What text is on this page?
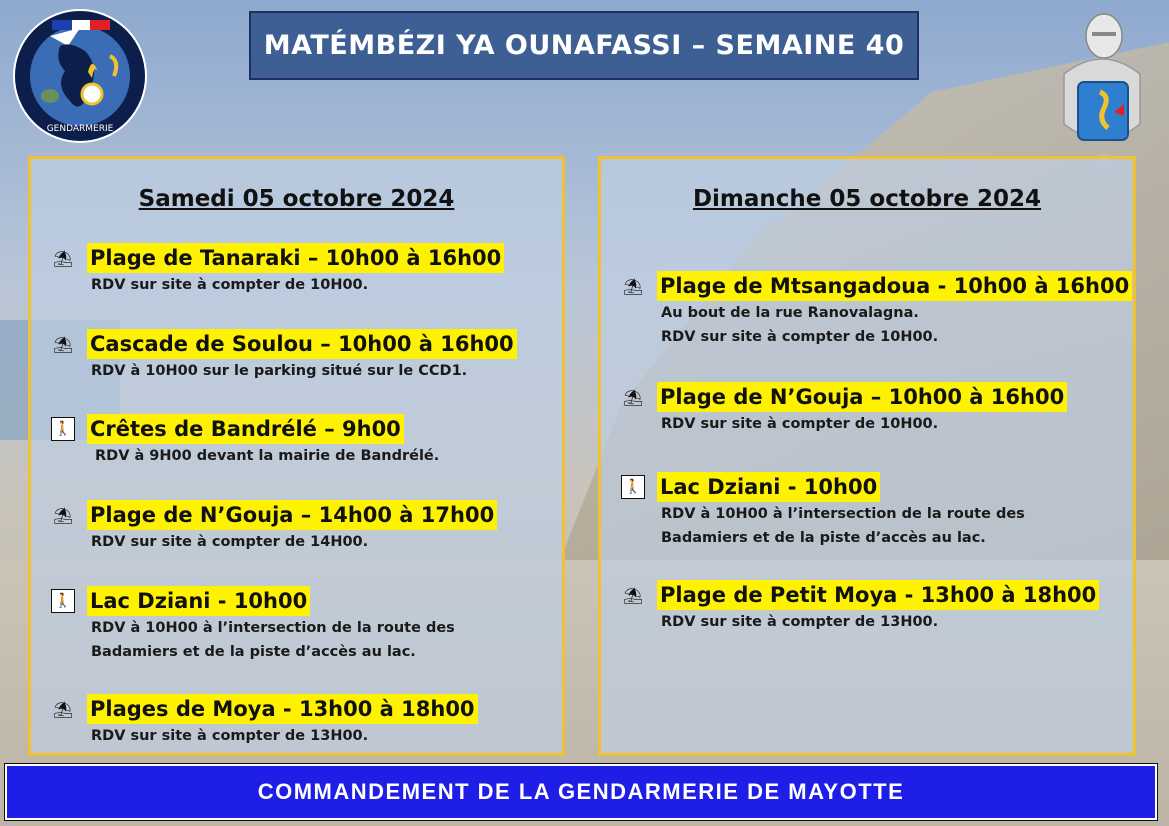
GENDARMERIE
MATÉMBÉZI YA OUNAFASSI – SEMAINE 40
Samedi 05 octobre 2024
⛱ Plage de Tanaraki – 10h00 à 16h00
RDV sur site à compter de 10H00.
⛱ Cascade de Soulou – 10h00 à 16h00
RDV à 10H00 sur le parking situé sur le CCD1.
🚶 Crêtes de Bandrélé – 9h00
RDV à 9H00 devant la mairie de Bandrélé.
⛱ Plage de N’Gouja – 14h00 à 17h00
RDV sur site à compter de 14H00.
🚶 Lac Dziani - 10h00
RDV à 10H00 à l’intersection de la route des
Badamiers et de la piste d’accès au lac.
⛱ Plages de Moya - 13h00 à 18h00
RDV sur site à compter de 13H00.
Dimanche 05 octobre 2024
⛱ Plage de Mtsangadoua - 10h00 à 16h00
Au bout de la rue Ranovalagna.
RDV sur site à compter de 10H00.
⛱ Plage de N’Gouja – 10h00 à 16h00
RDV sur site à compter de 10H00.
🚶 Lac Dziani - 10h00
RDV à 10H00 à l’intersection de la route des
Badamiers et de la piste d’accès au lac.
⛱ Plage de Petit Moya - 13h00 à 18h00
RDV sur site à compter de 13H00.
COMMANDEMENT DE LA GENDARMERIE DE MAYOTTE
